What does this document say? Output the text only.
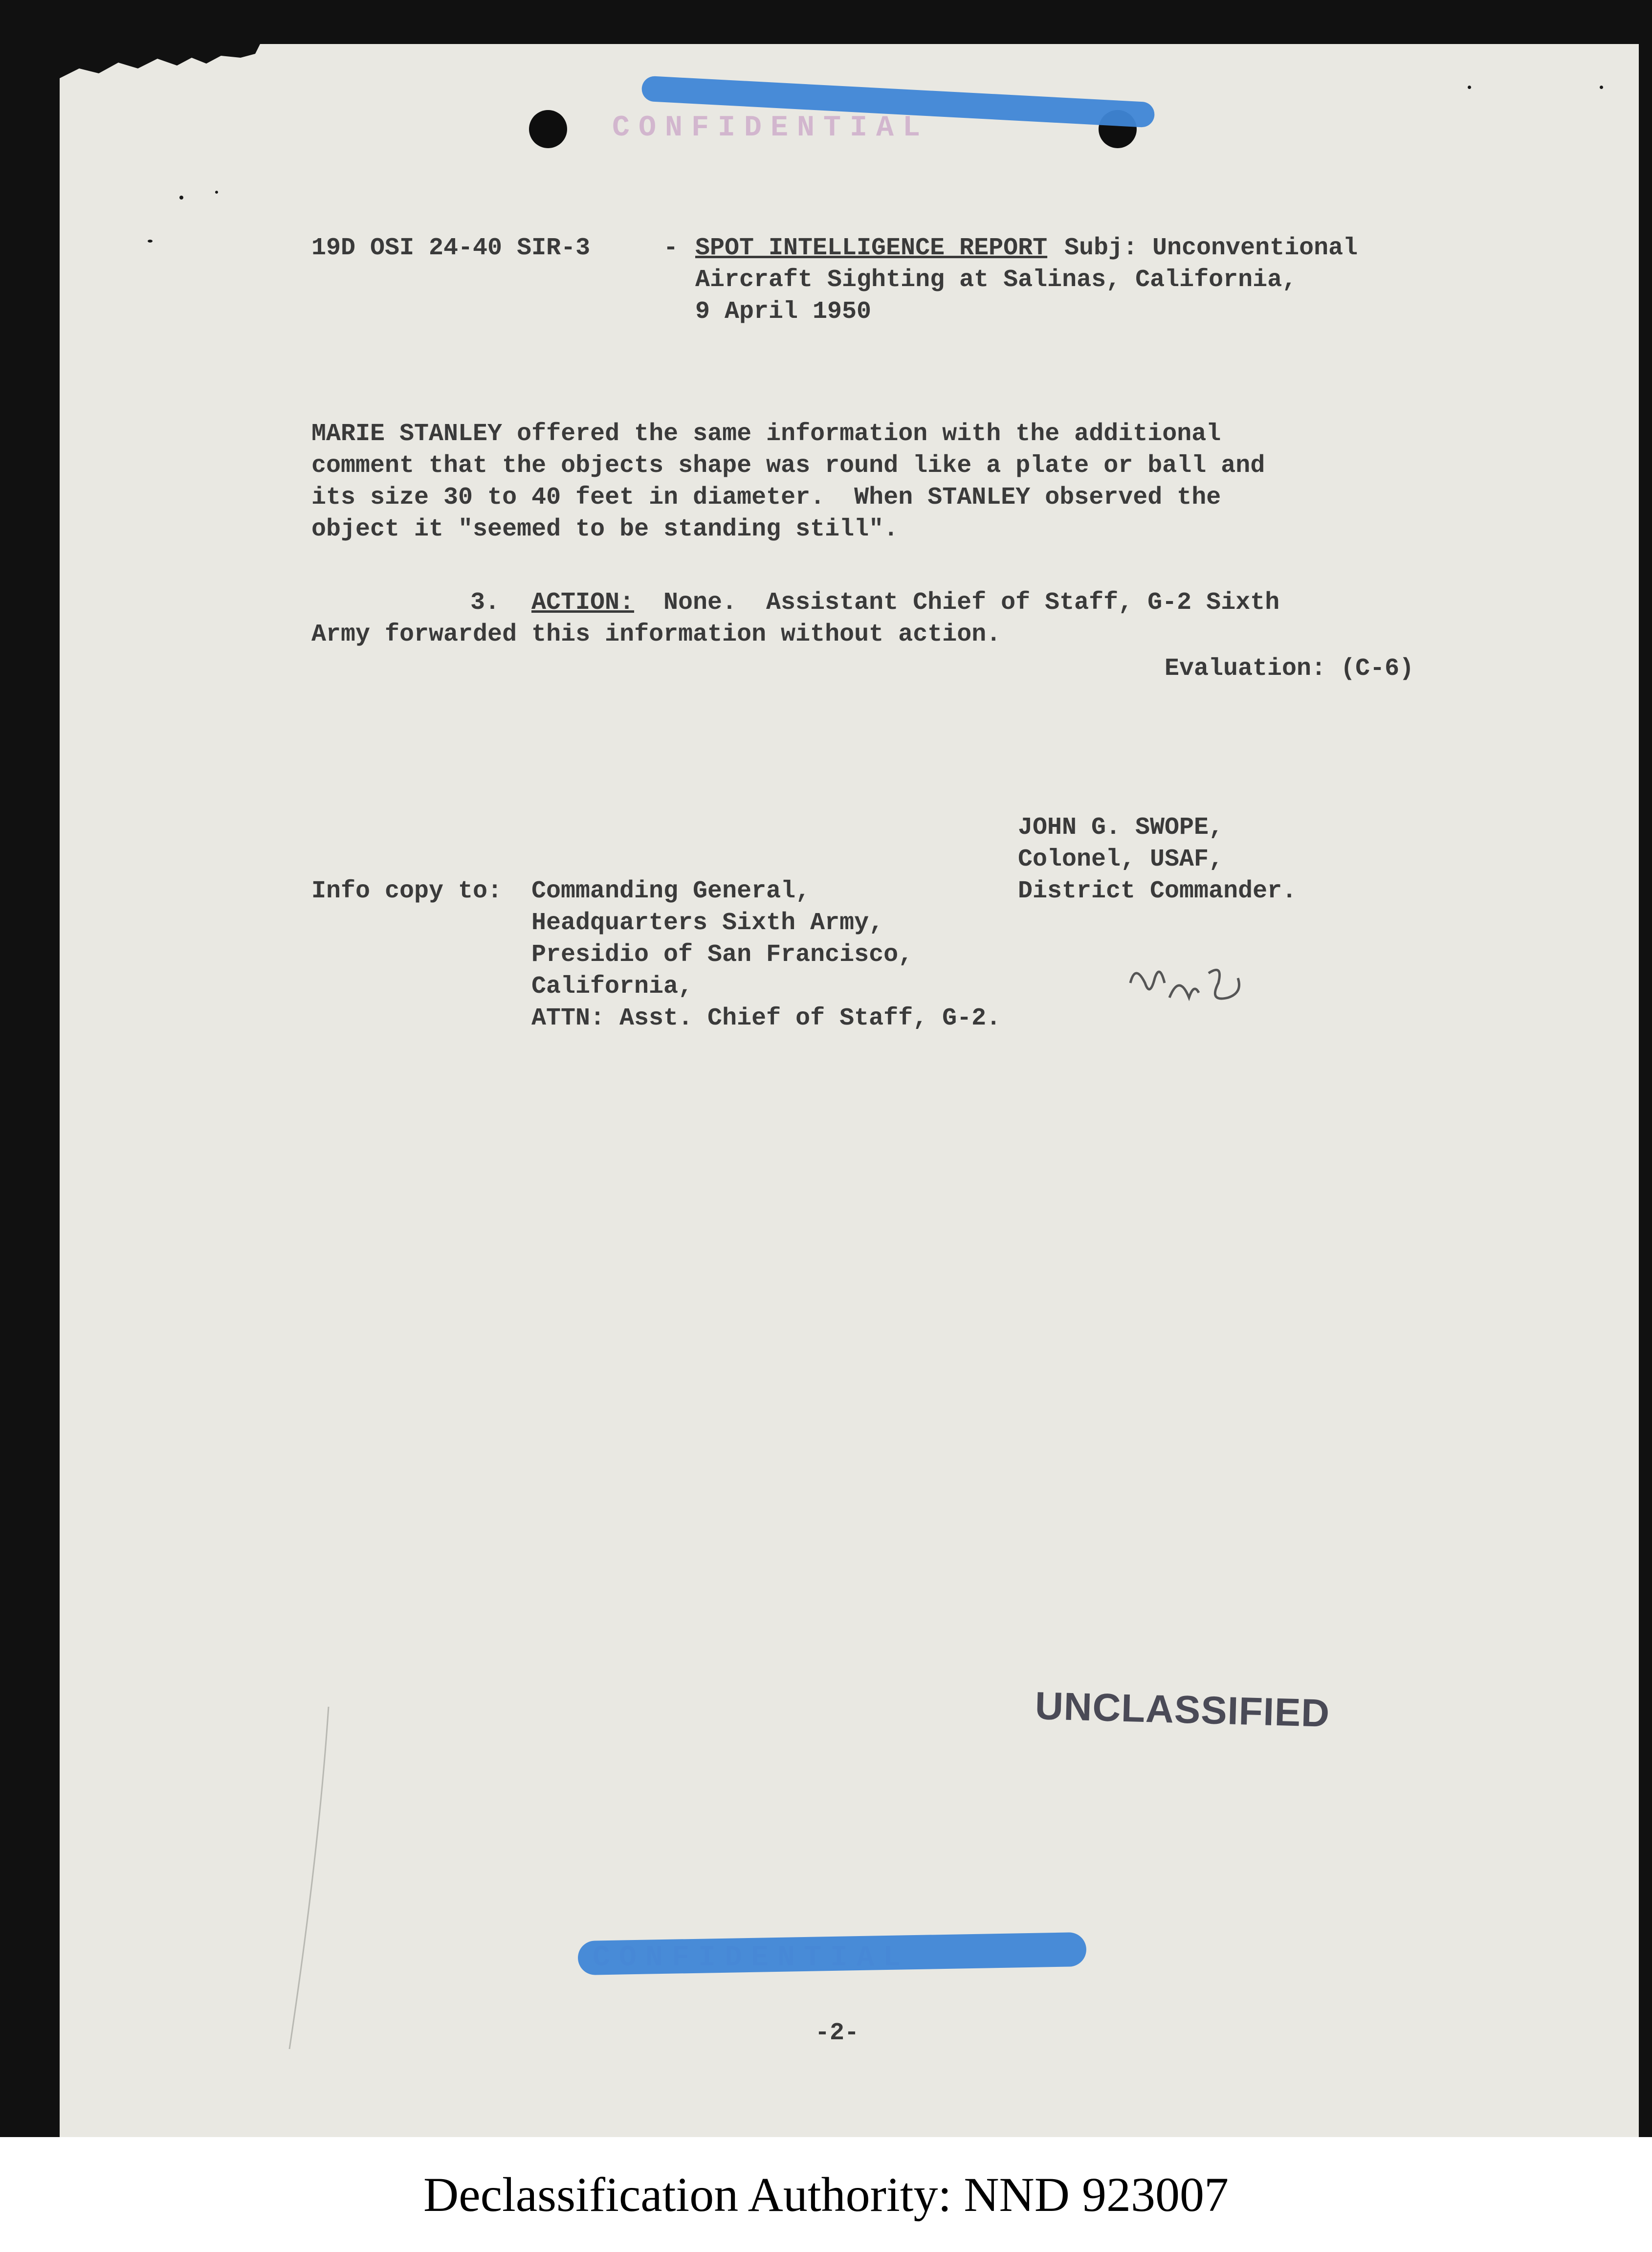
CONFIDENTIAL
19D OSI 24-40 SIR-3	- SPOT INTELLIGENCE REPORT Subj: Unconventional
Aircraft Sighting at Salinas, California,
9 April 1950
MARIE STANLEY offered the same information with the additional
comment that the objects shape was round like a plate or ball and
its size 30 to 40 feet in diameter.  When STANLEY observed the
object it "seemed to be standing still".
3. ACTION: None.  Assistant Chief of Staff, G-2 Sixth
Army forwarded this information without action.
Evaluation: (C-6)
JOHN G. SWOPE,
Colonel, USAF,
District Commander.
Info copy to: Commanding General,
Headquarters Sixth Army,
Presidio of San Francisco,
California,
ATTN: Asst. Chief of Staff, G-2.
UNCLASSIFIED
-2-
Declassification Authority: NND 923007
